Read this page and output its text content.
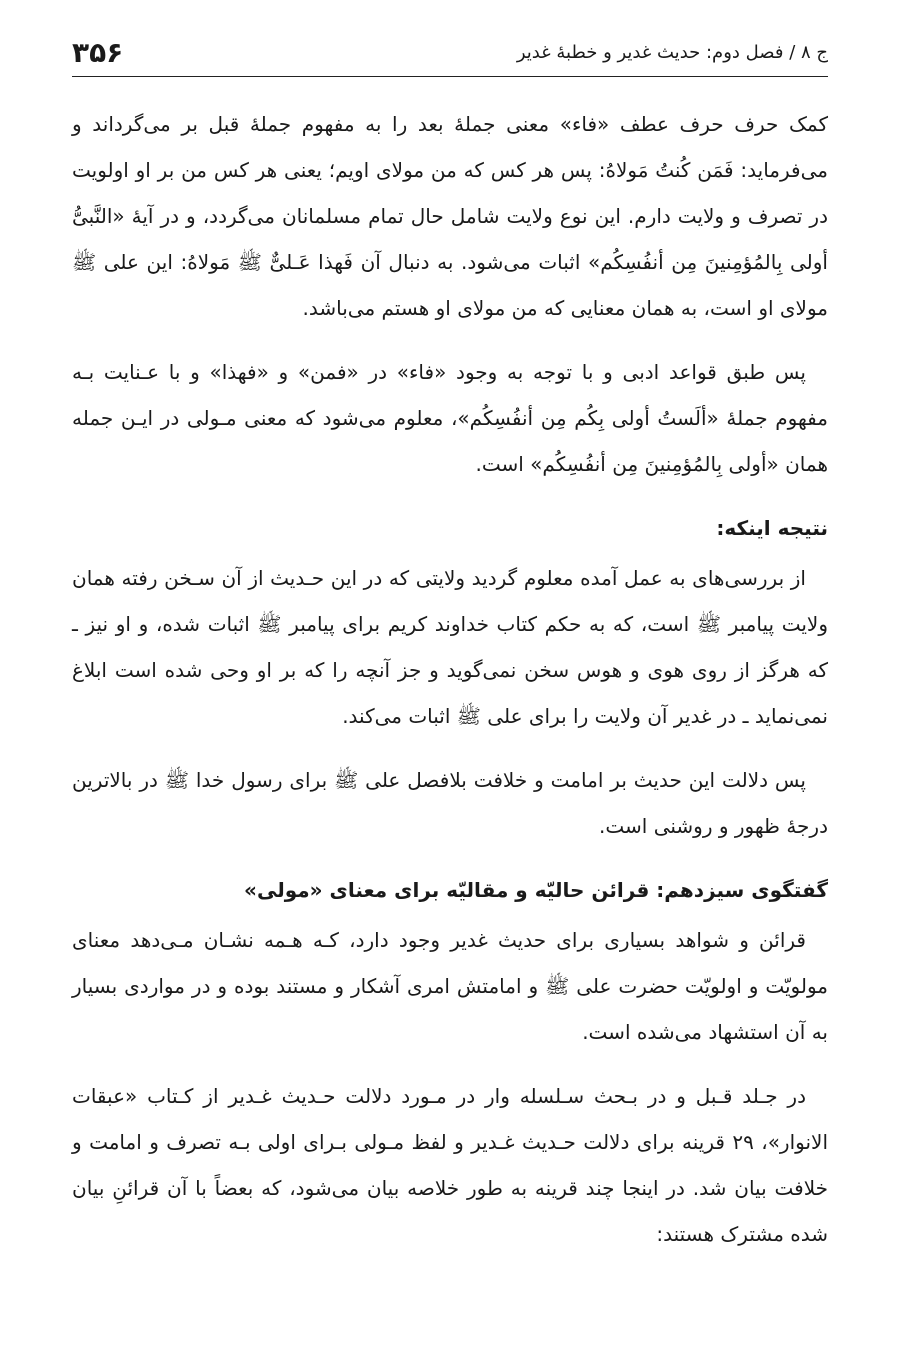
ج ۸ / فصل دوم: حدیث غدیر و خطبهٔ غدیر
۳۵۶

کمک حرف حرف عطف «فاء» معنی جملهٔ بعد را به مفهوم جملهٔ قبل بر می‌گرداند و می‌فرماید: فَمَن کُنتُ مَولاهُ: پس هر کس که من مولای اویم؛ یعنی هر کس من بر او اولویت در تصرف و ولایت دارم. این نوع ولایت شامل حال تمام مسلمانان می‌گردد، و در آیهٔ «النَّبیُّ أولی بِالمُؤمِنینَ مِن أنفُسِکُم» اثبات می‌شود. به دنبال آن فَهذا عَـلیٌّ ﷺ مَولاهُ: این علی ﷺ مولای او است، به همان معنایی که من مولای او هستم می‌باشد.

پس طبق قواعد ادبی و با توجه به وجود «فاء» در «فمن» و «فهذا» و با عـنایت بـه مفهوم جملهٔ «ألَستُ أولی بِکُم مِن أنفُسِکُم»، معلوم می‌شود که معنی مـولی در ایـن جمله همان «أولی بِالمُؤمِنینَ مِن أنفُسِکُم» است.

نتیجه اینکه:

از بررسی‌های به عمل آمده معلوم گردید ولایتی که در این حـدیث از آن سـخن رفته همان ولایت پیامبر ﷺ است، که به حکم کتاب خداوند کریم برای پیامبر ﷺ اثبات شده، و او نیز ـ که هرگز از روی هوی و هوس سخن نمی‌گوید و جز آنچه را که بر او وحی شده است ابلاغ نمی‌نماید ـ در غدیر آن ولایت را برای علی ﷺ اثبات می‌کند.

پس دلالت این حدیث بر امامت و خلافت بلافصل علی ﷺ برای رسول خدا ﷺ در بالاترین درجهٔ ظهور و روشنی است.

گفتگوی سیزدهم: قرائن حالیّه و مقالیّه برای معنای «مولی»

قرائن و شواهد بسیاری برای حدیث غدیر وجود دارد، کـه هـمه نشـان مـی‌دهد معنای مولویّت و اولویّت حضرت علی ﷺ و امامتش امری آشکار و مستند بوده و در مواردی بسیار به آن استشهاد می‌شده است.

در جـلد قـبل و در بـحث سـلسله وار در مـورد دلالت حـدیث غـدیر از کـتاب «عبقات الانوار»، ۲۹ قرینه برای دلالت حـدیث غـدیر و لفظ مـولی بـرای اولی بـه تصرف و امامت و خلافت بیان شد. در اینجا چند قرینه به طور خلاصه بیان می‌شود، که بعضاً با آن قرائنِ بیان شده مشترک هستند:
